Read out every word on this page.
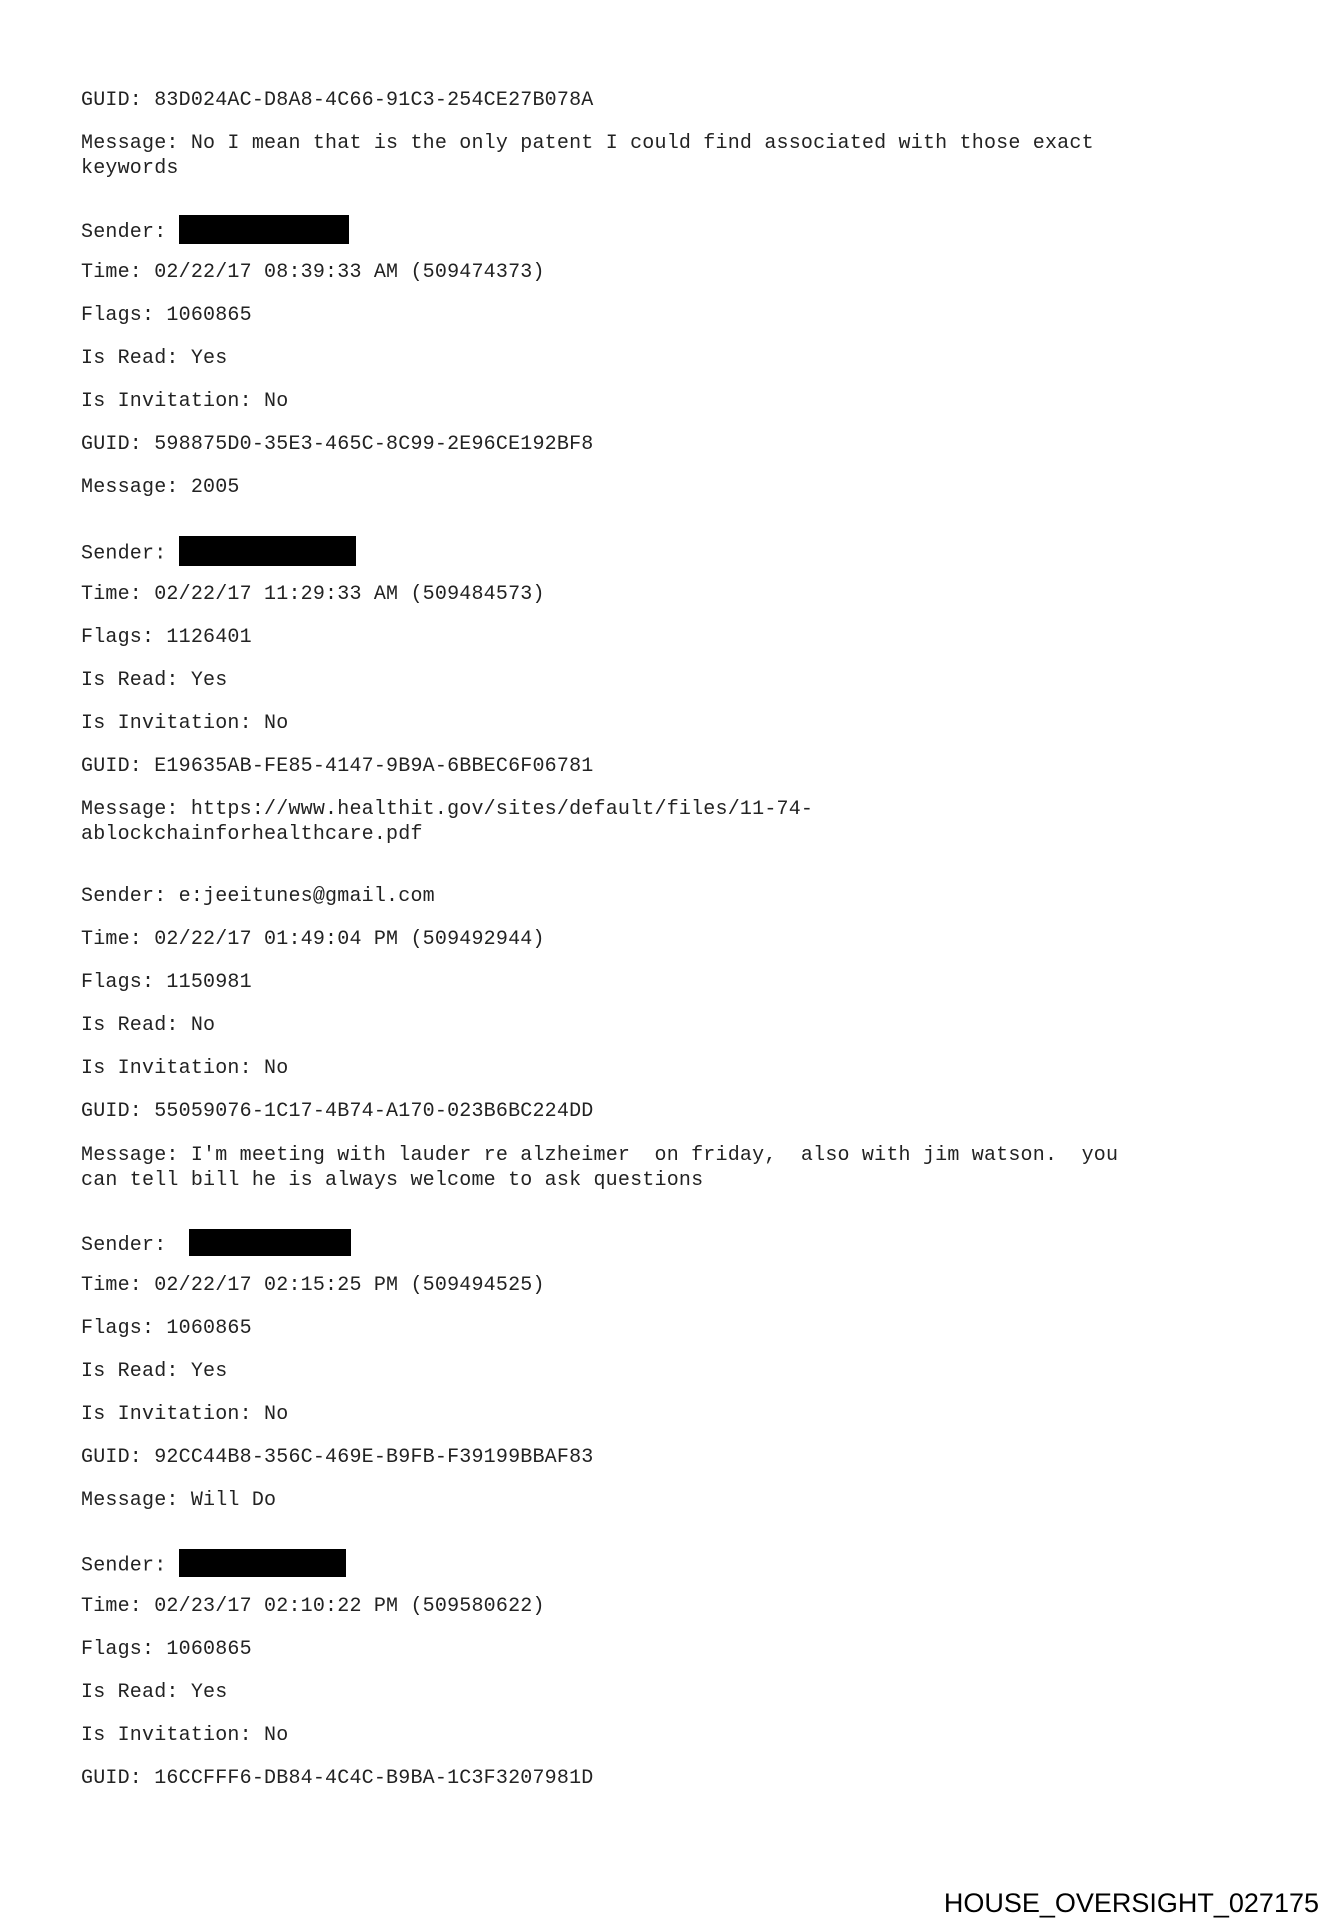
GUID: 83D024AC-D8A8-4C66-91C3-254CE27B078A
Message: No I mean that is the only patent I could find associated with those exact
keywords
Sender:
Time: 02/22/17 08:39:33 AM (509474373)
Flags: 1060865
Is Read: Yes
Is Invitation: No
GUID: 598875D0-35E3-465C-8C99-2E96CE192BF8
Message: 2005
Sender:
Time: 02/22/17 11:29:33 AM (509484573)
Flags: 1126401
Is Read: Yes
Is Invitation: No
GUID: E19635AB-FE85-4147-9B9A-6BBEC6F06781
Message: https://www.healthit.gov/sites/default/files/11-74-
ablockchainforhealthcare.pdf
Sender: e:jeeitunes@gmail.com
Time: 02/22/17 01:49:04 PM (509492944)
Flags: 1150981
Is Read: No
Is Invitation: No
GUID: 55059076-1C17-4B74-A170-023B6BC224DD
Message: I'm meeting with lauder re alzheimer  on friday,  also with jim watson.  you
can tell bill he is always welcome to ask questions
Sender:
Time: 02/22/17 02:15:25 PM (509494525)
Flags: 1060865
Is Read: Yes
Is Invitation: No
GUID: 92CC44B8-356C-469E-B9FB-F39199BBAF83
Message: Will Do
Sender:
Time: 02/23/17 02:10:22 PM (509580622)
Flags: 1060865
Is Read: Yes
Is Invitation: No
GUID: 16CCFFF6-DB84-4C4C-B9BA-1C3F3207981D
HOUSE_OVERSIGHT_027175
